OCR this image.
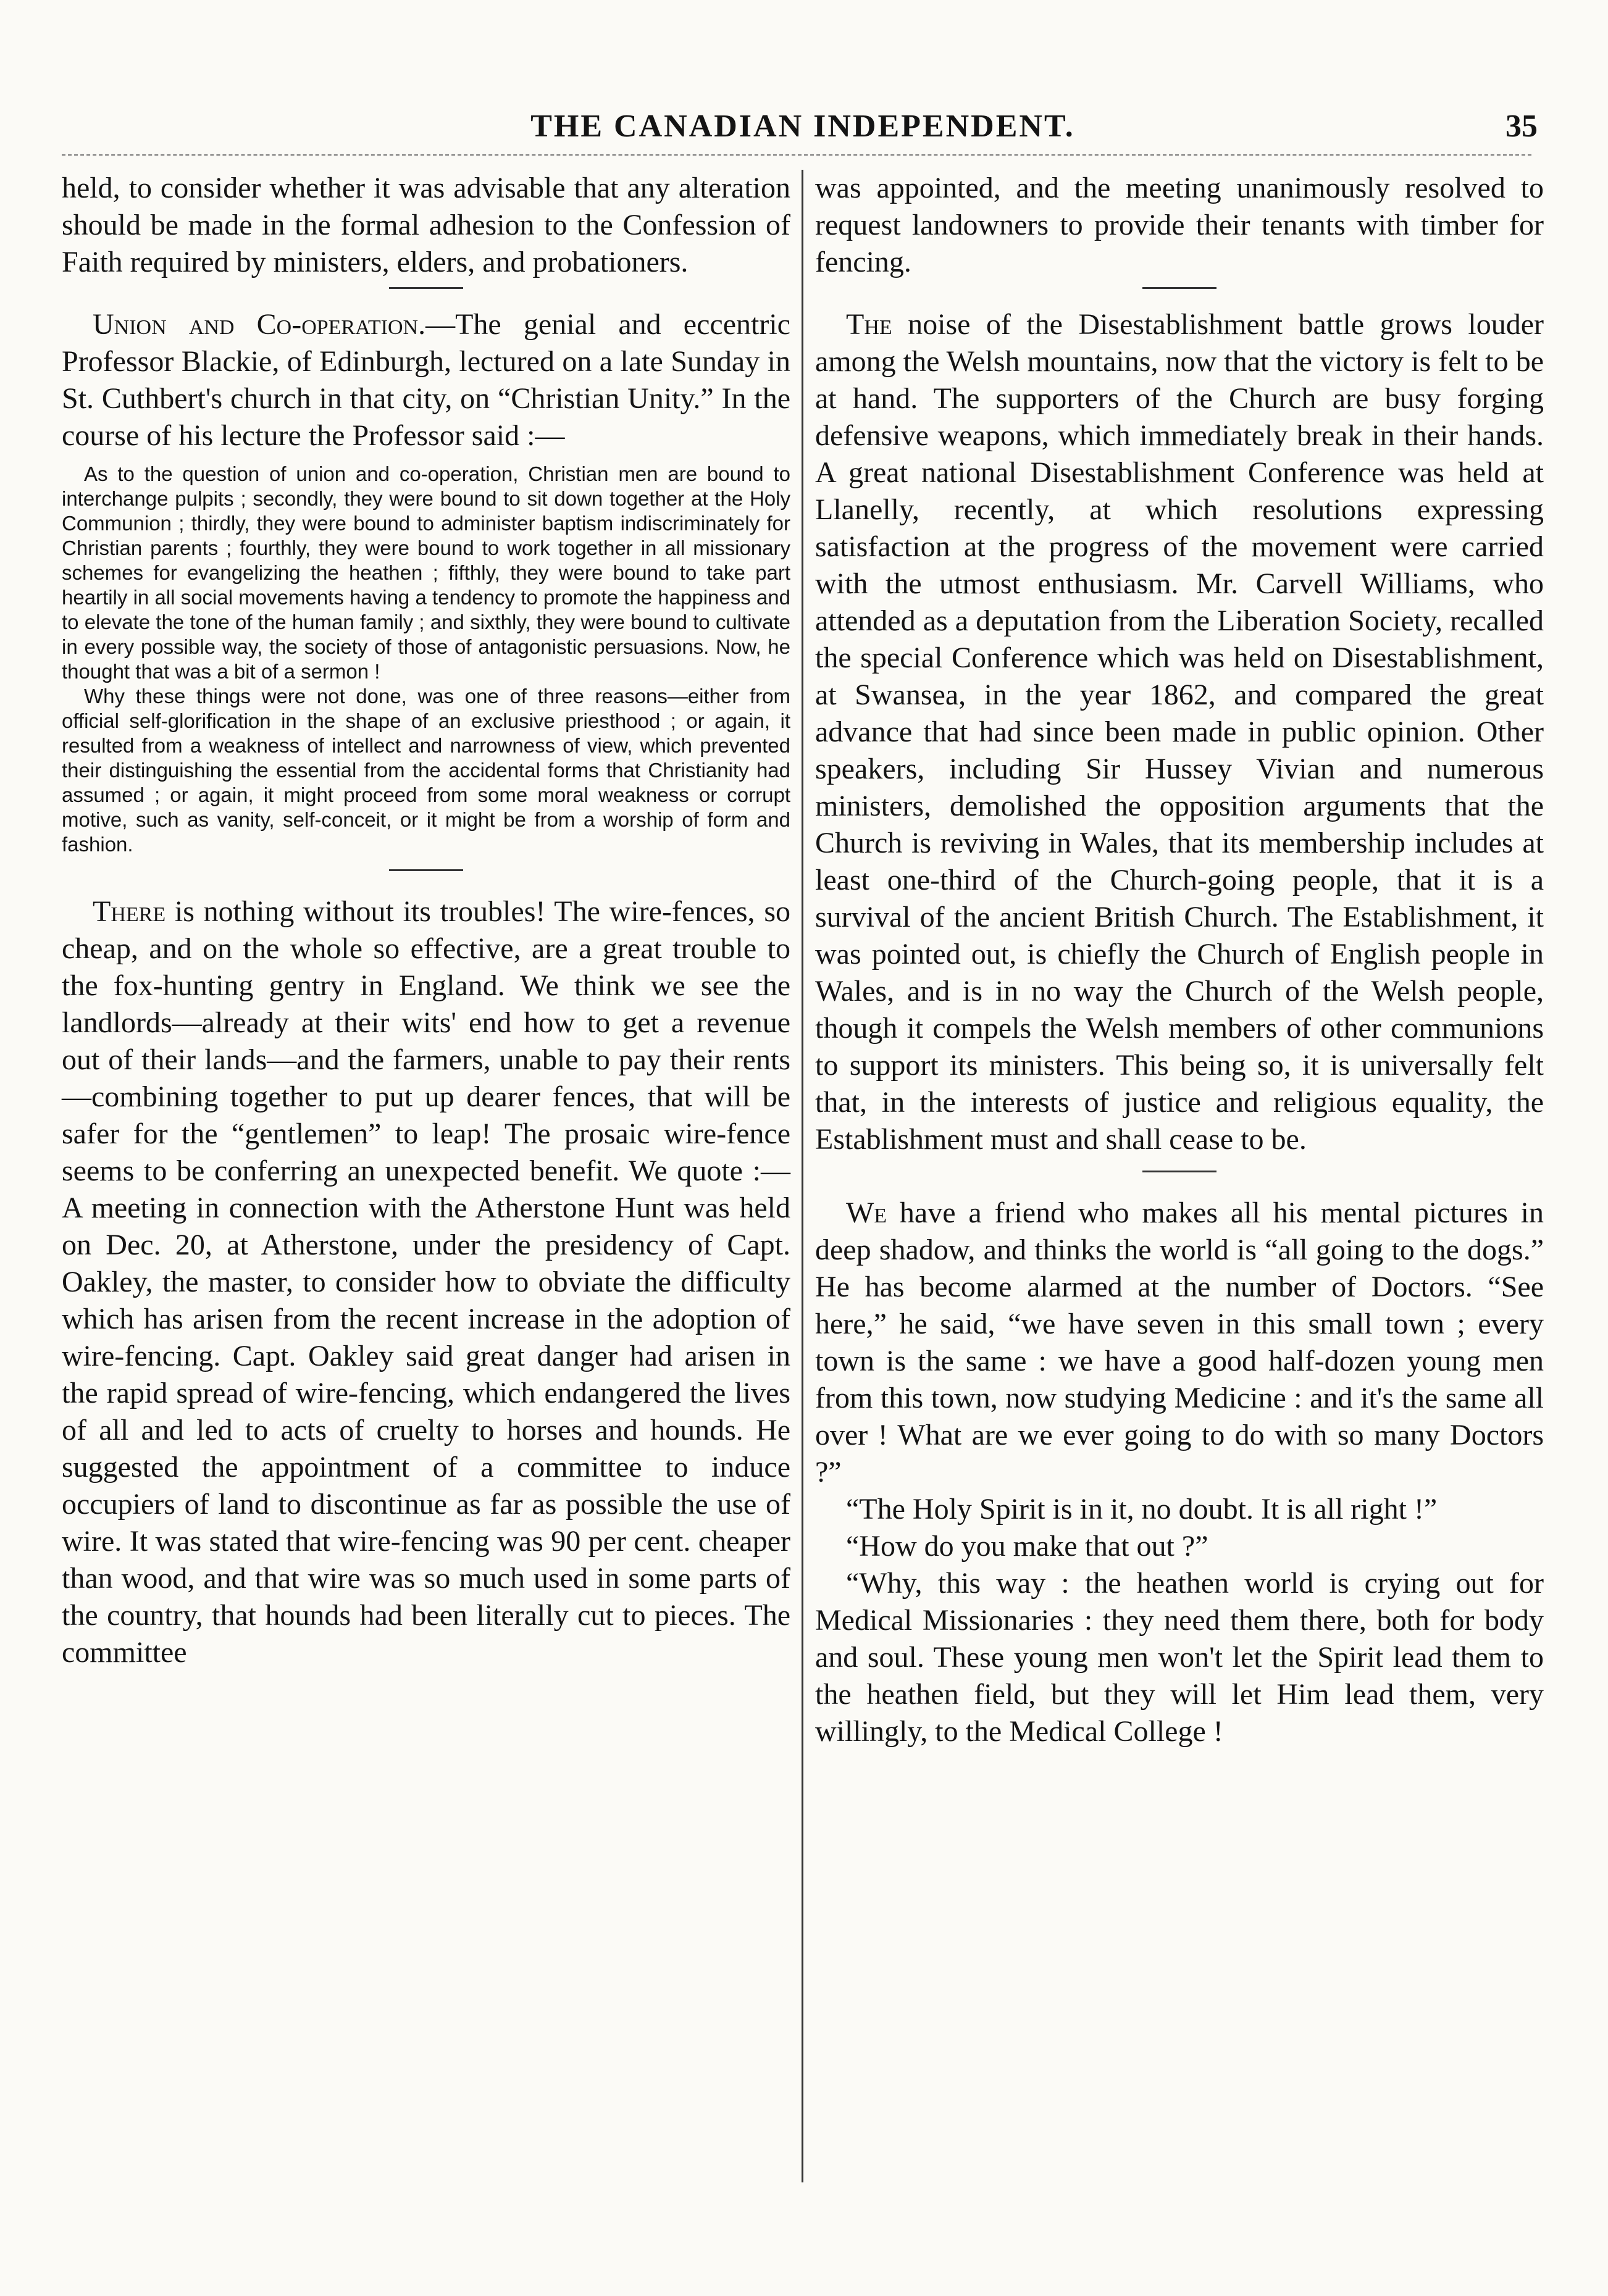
THE CANADIAN INDEPENDENT.	35

held, to consider whether it was advisable that any alteration should be made in the formal adhesion to the Confession of Faith required by ministers, elders, and probationers.

Union and Co-operation.—The genial and eccentric Professor Blackie, of Edinburgh, lectured on a late Sunday in St. Cuthbert's church in that city, on “Christian Unity.” In the course of his lecture the Professor said :—

As to the question of union and co-operation, Christian men are bound to interchange pulpits ; secondly, they were bound to sit down together at the Holy Communion ; thirdly, they were bound to administer baptism indiscriminately for Christian parents ; fourthly, they were bound to work together in all missionary schemes for evangelizing the heathen ; fifthly, they were bound to take part heartily in all social movements having a tendency to promote the happiness and to elevate the tone of the human family ; and sixthly, they were bound to cultivate in every possible way, the society of those of antagonistic persuasions. Now, he thought that was a bit of a sermon !

Why these things were not done, was one of three reasons—either from official self-glorification in the shape of an exclusive priesthood ; or again, it resulted from a weakness of intellect and narrowness of view, which prevented their distinguishing the essential from the accidental forms that Christianity had assumed ; or again, it might proceed from some moral weakness or corrupt motive, such as vanity, self-conceit, or it might be from a worship of form and fashion.

There is nothing without its troubles! The wire-fences, so cheap, and on the whole so effective, are a great trouble to the fox-hunting gentry in England. We think we see the landlords—already at their wits' end how to get a revenue out of their lands—and the farmers, unable to pay their rents—combining together to put up dearer fences, that will be safer for the “gentlemen” to leap! The prosaic wire-fence seems to be conferring an unexpected benefit. We quote :—A meeting in connection with the Atherstone Hunt was held on Dec. 20, at Atherstone, under the presidency of Capt. Oakley, the master, to consider how to obviate the difficulty which has arisen from the recent increase in the adoption of wire-fencing. Capt. Oakley said great danger had arisen in the rapid spread of wire-fencing, which endangered the lives of all and led to acts of cruelty to horses and hounds. He suggested the appointment of a committee to induce occupiers of land to discontinue as far as possible the use of wire. It was stated that wire-fencing was 90 per cent. cheaper than wood, and that wire was so much used in some parts of the country, that hounds had been literally cut to pieces. The committee

was appointed, and the meeting unanimously resolved to request landowners to provide their tenants with timber for fencing.

The noise of the Disestablishment battle grows louder among the Welsh mountains, now that the victory is felt to be at hand. The supporters of the Church are busy forging defensive weapons, which immediately break in their hands. A great national Disestablishment Conference was held at Llanelly, recently, at which resolutions expressing satisfaction at the progress of the movement were carried with the utmost enthusiasm. Mr. Carvell Williams, who attended as a deputation from the Liberation Society, recalled the special Conference which was held on Disestablishment, at Swansea, in the year 1862, and compared the great advance that had since been made in public opinion. Other speakers, including Sir Hussey Vivian and numerous ministers, demolished the opposition arguments that the Church is reviving in Wales, that its membership includes at least one-third of the Church-going people, that it is a survival of the ancient British Church. The Establishment, it was pointed out, is chiefly the Church of English people in Wales, and is in no way the Church of the Welsh people, though it compels the Welsh members of other communions to support its ministers. This being so, it is universally felt that, in the interests of justice and religious equality, the Establishment must and shall cease to be.

We have a friend who makes all his mental pictures in deep shadow, and thinks the world is “all going to the dogs.” He has become alarmed at the number of Doctors. “See here,” he said, “we have seven in this small town ; every town is the same : we have a good half-dozen young men from this town, now studying Medicine : and it's the same all over ! What are we ever going to do with so many Doctors ?”

“The Holy Spirit is in it, no doubt. It is all right !”

“How do you make that out ?”

“Why, this way : the heathen world is crying out for Medical Missionaries : they need them there, both for body and soul. These young men won't let the Spirit lead them to the heathen field, but they will let Him lead them, very willingly, to the Medical College !
